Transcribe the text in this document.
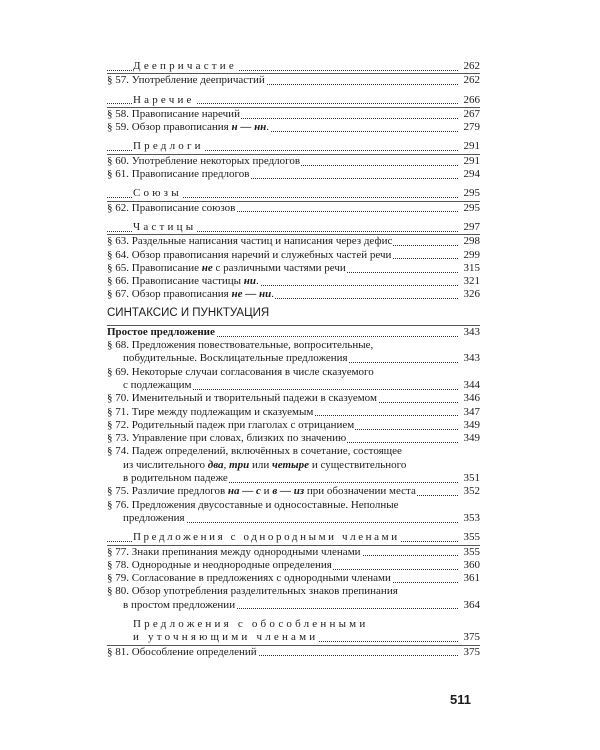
Деепричастие	262
§ 57. Употребление деепричастий	262
Наречие	266
§ 58. Правописание наречий	267
§ 59. Обзор правописания н — нн.	279
Предлоги	291
§ 60. Употребление некоторых предлогов	291
§ 61. Правописание предлогов	294
Союзы	295
§ 62. Правописание союзов	295
Частицы	297
§ 63. Раздельные написания частиц и написания через дефис	298
§ 64. Обзор правописания наречий и служебных частей речи	299
§ 65. Правописание не с различными частями речи	315
§ 66. Правописание частицы ни.	321
§ 67. Обзор правописания не — ни.	326
СИНТАКСИС И ПУНКТУАЦИЯ
Простое предложение	343
§ 68. Предложения повествовательные, вопросительные,
побудительные. Восклицательные предложения	343
§ 69. Некоторые случаи согласования в числе сказуемого
с подлежащим	344
§ 70. Именительный и творительный падежи в сказуемом	346
§ 71. Тире между подлежащим и сказуемым	347
§ 72. Родительный падеж при глаголах с отрицанием	349
§ 73. Управление при словах, близких по значению	349
§ 74. Падеж определений, включённых в сочетание, состоящее
из числительного два, три или четыре и существительного
в родительном падеже	351
§ 75. Различие предлогов на — с и в — из при обозначении места	352
§ 76. Предложения двусоставные и односоставные. Неполные
предложения	353
Предложения с однородными членами	355
§ 77. Знаки препинания между однородными членами	355
§ 78. Однородные и неоднородные определения	360
§ 79. Согласование в предложениях с однородными членами	361
§ 80. Обзор употребления разделительных знаков препинания
в простом предложении	364
Предложения с обособленными
и уточняющими членами	375
§ 81. Обособление определений	375
511
